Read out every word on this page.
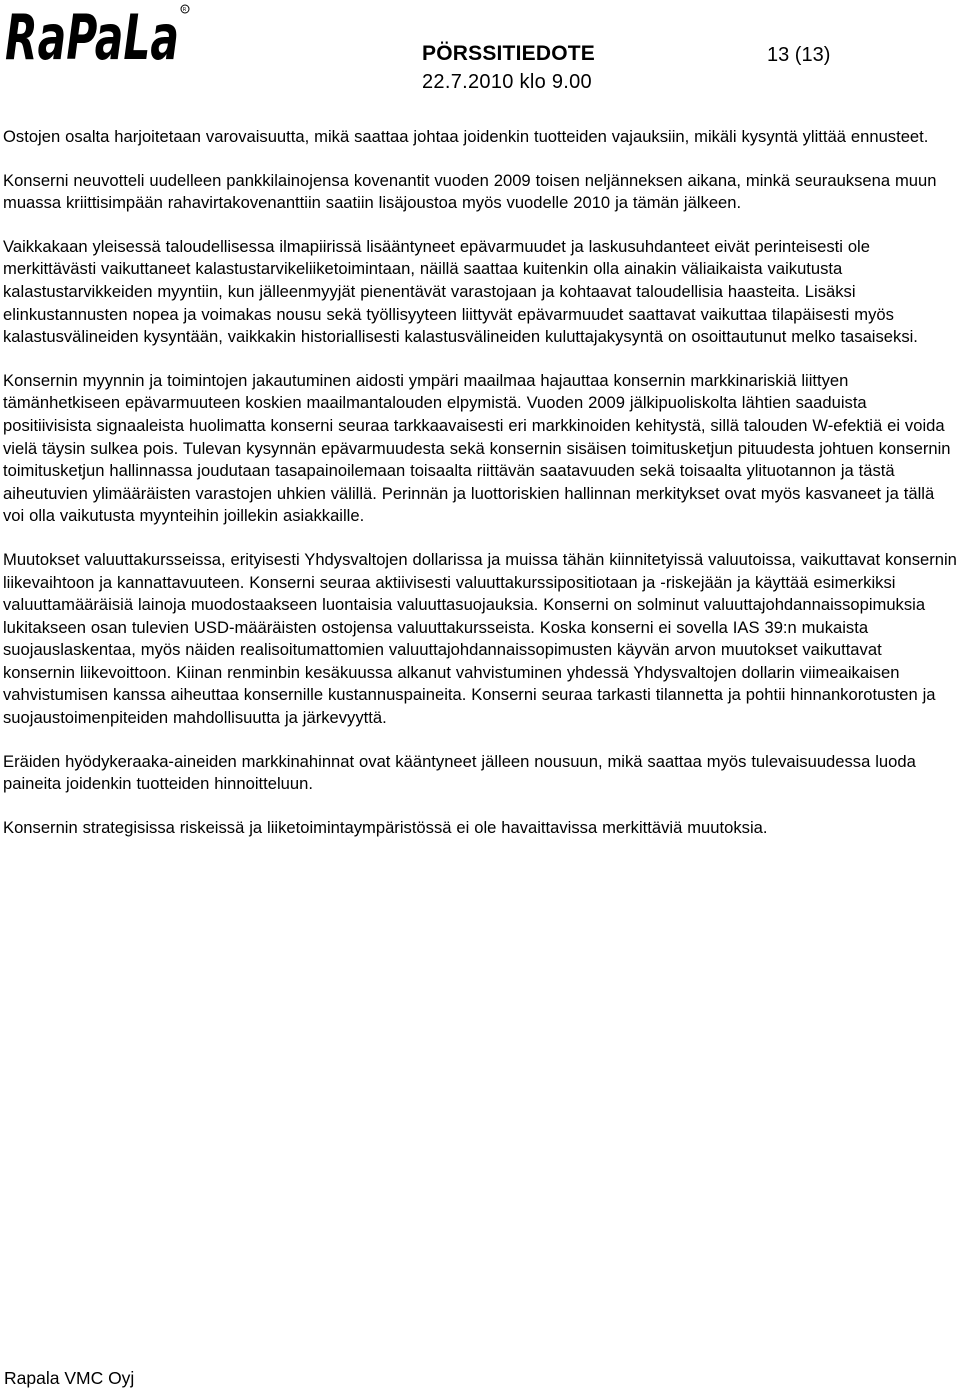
RaPaLa R
PÖRSSITIEDOTE	13 (13)
22.7.2010 klo 9.00

Ostojen osalta harjoitetaan varovaisuutta, mikä saattaa johtaa joidenkin tuotteiden vajauksiin, mikäli kysyntä ylittää ennusteet.

Konserni neuvotteli uudelleen pankkilainojensa kovenantit vuoden 2009 toisen neljänneksen aikana, minkä seurauksena muun muassa kriittisimpään rahavirtakovenanttiin saatiin lisäjoustoa myös vuodelle 2010 ja tämän jälkeen.

Vaikkakaan yleisessä taloudellisessa ilmapiirissä lisääntyneet epävarmuudet ja laskusuhdanteet eivät perinteisesti ole merkittävästi vaikuttaneet kalastustarvikeliiketoimintaan, näillä saattaa kuitenkin olla ainakin väliaikaista vaikutusta kalastustarvikkeiden myyntiin, kun jälleenmyyjät pienentävät varastojaan ja kohtaavat taloudellisia haasteita. Lisäksi elinkustannusten nopea ja voimakas nousu sekä työllisyyteen liittyvät epävarmuudet saattavat vaikuttaa tilapäisesti myös kalastusvälineiden kysyntään, vaikkakin historiallisesti kalastusvälineiden kuluttajakysyntä on osoittautunut melko tasaiseksi.

Konsernin myynnin ja toimintojen jakautuminen aidosti ympäri maailmaa hajauttaa konsernin markkinariskiä liittyen tämänhetkiseen epävarmuuteen koskien maailmantalouden elpymistä. Vuoden 2009 jälkipuoliskolta lähtien saaduista positiivisista signaaleista huolimatta konserni seuraa tarkkaavaisesti eri markkinoiden kehitystä, sillä talouden W-efektiä ei voida vielä täysin sulkea pois. Tulevan kysynnän epävarmuudesta sekä konsernin sisäisen toimitusketjun pituudesta johtuen konsernin toimitusketjun hallinnassa joudutaan tasapainoilemaan toisaalta riittävän saatavuuden sekä toisaalta ylituotannon ja tästä aiheutuvien ylimääräisten varastojen uhkien välillä. Perinnän ja luottoriskien hallinnan merkitykset ovat myös kasvaneet ja tällä voi olla vaikutusta myynteihin joillekin asiakkaille.

Muutokset valuuttakursseissa, erityisesti Yhdysvaltojen dollarissa ja muissa tähän kiinnitetyissä valuutoissa, vaikuttavat konsernin liikevaihtoon ja kannattavuuteen. Konserni seuraa aktiivisesti valuuttakurssipositiotaan ja -riskejään ja käyttää esimerkiksi valuuttamääräisiä lainoja muodostaakseen luontaisia valuuttasuojauksia. Konserni on solminut valuuttajohdannaissopimuksia lukitakseen osan tulevien USD-määräisten ostojensa valuuttakursseista. Koska konserni ei sovella IAS 39:n mukaista suojauslaskentaa, myös näiden realisoitumattomien valuuttajohdannaissopimusten käyvän arvon muutokset vaikuttavat konsernin liikevoittoon. Kiinan renminbin kesäkuussa alkanut vahvistuminen yhdessä Yhdysvaltojen dollarin viimeaikaisen vahvistumisen kanssa aiheuttaa konsernille kustannuspaineita. Konserni seuraa tarkasti tilannetta ja pohtii hinnankorotusten ja suojaustoimenpiteiden mahdollisuutta ja järkevyyttä.

Eräiden hyödykeraaka-aineiden markkinahinnat ovat kääntyneet jälleen nousuun, mikä saattaa myös tulevaisuudessa luoda paineita joidenkin tuotteiden hinnoitteluun.

Konsernin strategisissa riskeissä ja liiketoimintaympäristössä ei ole havaittavissa merkittäviä muutoksia.

Rapala VMC Oyj
